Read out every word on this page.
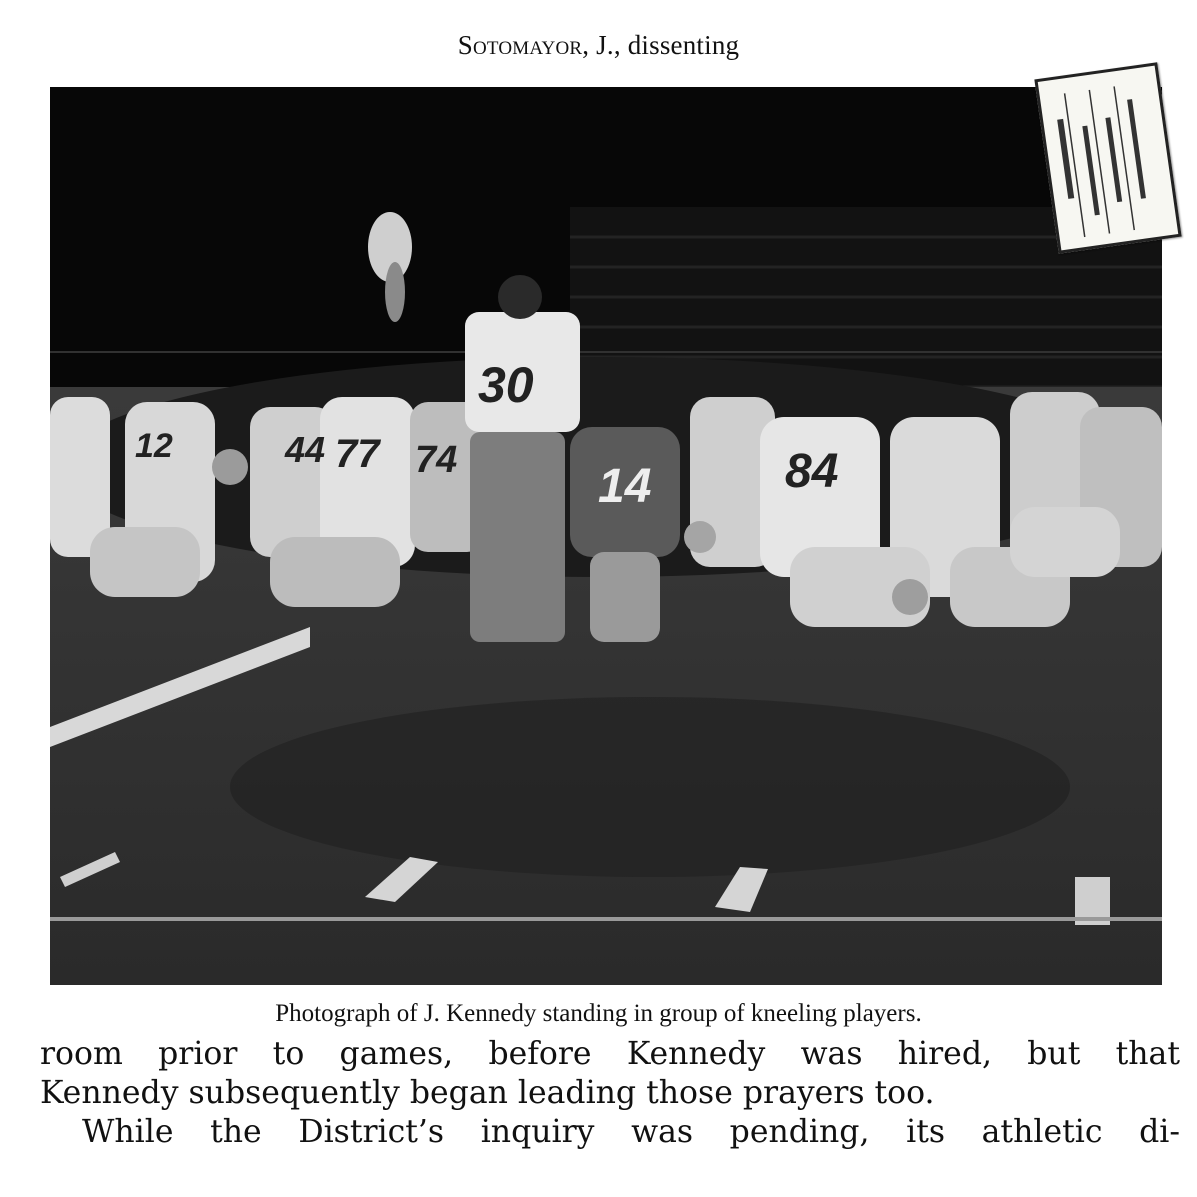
Sotomayor, J., dissenting
30
14	84
74
44 77
12
Photograph of J. Kennedy standing in group of kneeling players.

room prior to games, before Kennedy was hired, but that

Kennedy subsequently began leading those prayers too.

While the District’s inquiry was pending, its athletic di-
